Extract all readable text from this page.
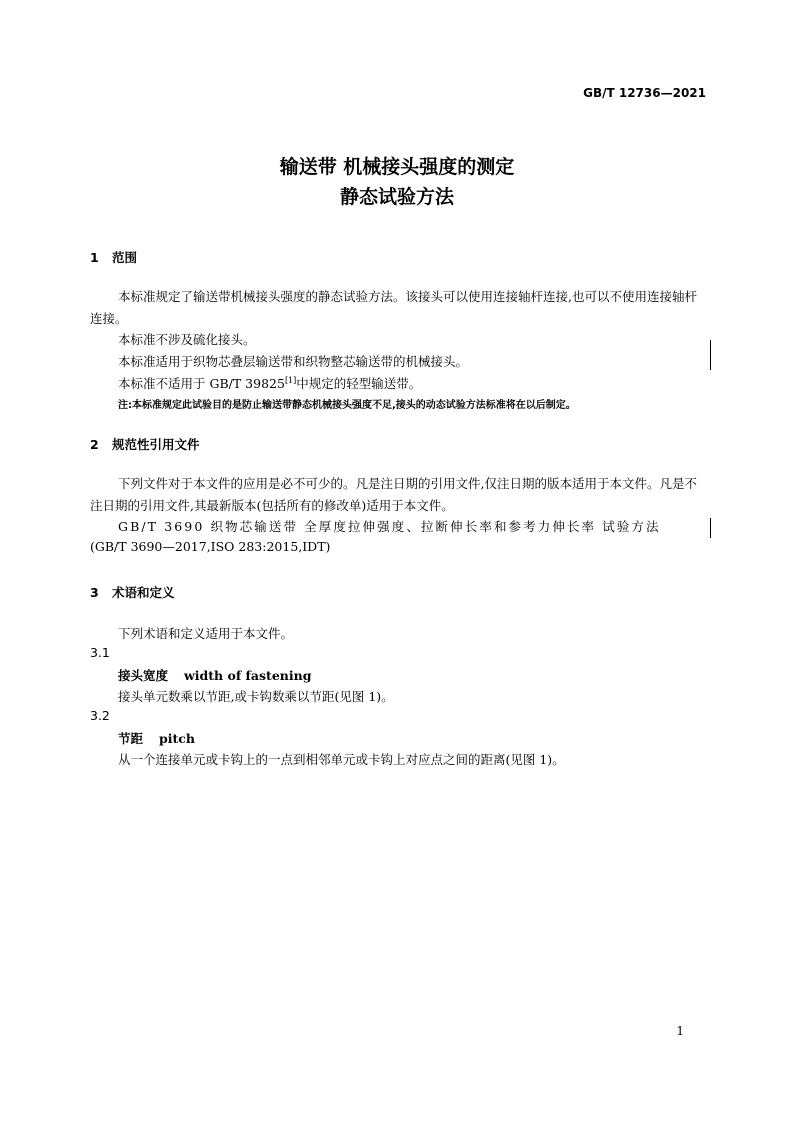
GB/T 12736—2021
输送带 机械接头强度的测定
静态试验方法
1 范围
本标准规定了输送带机械接头强度的静态试验方法。该接头可以使用连接轴杆连接,也可以不使用连接轴杆连接。
本标准不涉及硫化接头。
本标准适用于织物芯叠层输送带和织物整芯输送带的机械接头。
本标准不适用于 GB/T 39825[1]中规定的轻型输送带。
注:本标准规定此试验目的是防止输送带静态机械接头强度不足,接头的动态试验方法标准将在以后制定。
2 规范性引用文件
下列文件对于本文件的应用是必不可少的。凡是注日期的引用文件,仅注日期的版本适用于本文件。凡是不注日期的引用文件,其最新版本(包括所有的修改单)适用于本文件。
GB/T 3690 织物芯输送带 全厚度拉伸强度、拉断伸长率和参考力伸长率 试验方法
(GB/T 3690—2017,ISO 283:2015,IDT)
3 术语和定义
下列术语和定义适用于本文件。
3.1
接头宽度 width of fastening
接头单元数乘以节距,或卡钩数乘以节距(见图 1)。
3.2
节距 pitch
从一个连接单元或卡钩上的一点到相邻单元或卡钩上对应点之间的距离(见图 1)。
1
